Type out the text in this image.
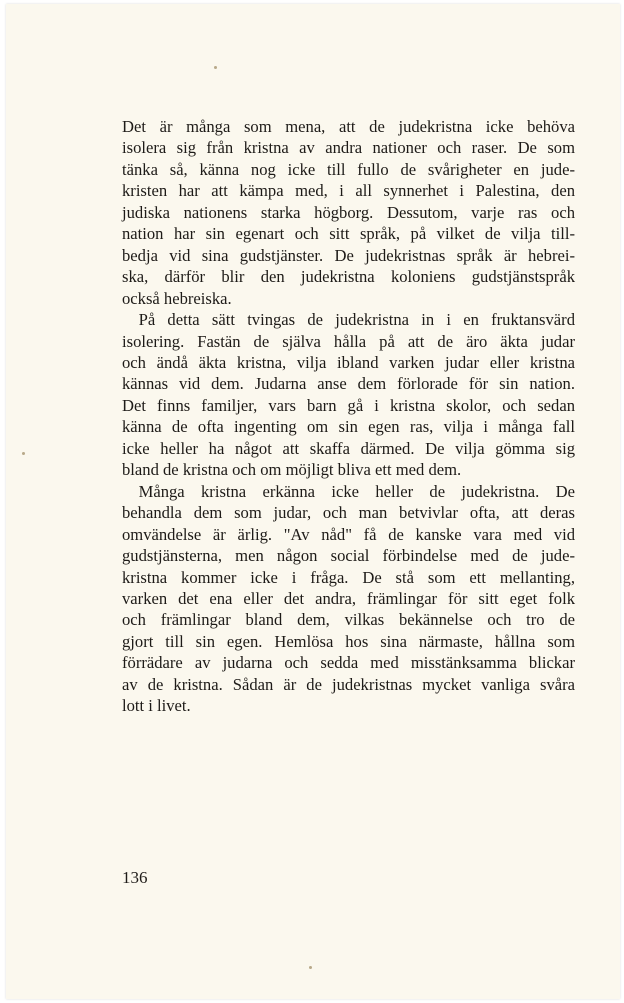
Det är många som mena, att de judekristna icke behöva

isolera sig från kristna av andra nationer och raser. De som

tänka så, känna nog icke till fullo de svårigheter en jude-

kristen har att kämpa med, i all synnerhet i Palestina, den

judiska nationens starka högborg. Dessutom, varje ras och

nation har sin egenart och sitt språk, på vilket de vilja till-

bedja vid sina gudstjänster. De judekristnas språk är hebrei-

ska, därför blir den judekristna koloniens gudstjänstspråk

också hebreiska.

På detta sätt tvingas de judekristna in i en fruktansvärd

isolering. Fastän de själva hålla på att de äro äkta judar

och ändå äkta kristna, vilja ibland varken judar eller kristna

kännas vid dem. Judarna anse dem förlorade för sin nation.

Det finns familjer, vars barn gå i kristna skolor, och sedan

känna de ofta ingenting om sin egen ras, vilja i många fall

icke heller ha något att skaffa därmed. De vilja gömma sig

bland de kristna och om möjligt bliva ett med dem.

Många kristna erkänna icke heller de judekristna. De

behandla dem som judar, och man betvivlar ofta, att deras

omvändelse är ärlig. "Av nåd" få de kanske vara med vid

gudstjänsterna, men någon social förbindelse med de jude-

kristna kommer icke i fråga. De stå som ett mellanting,

varken det ena eller det andra, främlingar för sitt eget folk

och främlingar bland dem, vilkas bekännelse och tro de

gjort till sin egen. Hemlösa hos sina närmaste, hållna som

förrädare av judarna och sedda med misstänksamma blickar

av de kristna. Sådan är de judekristnas mycket vanliga svåra

lott i livet.

136
